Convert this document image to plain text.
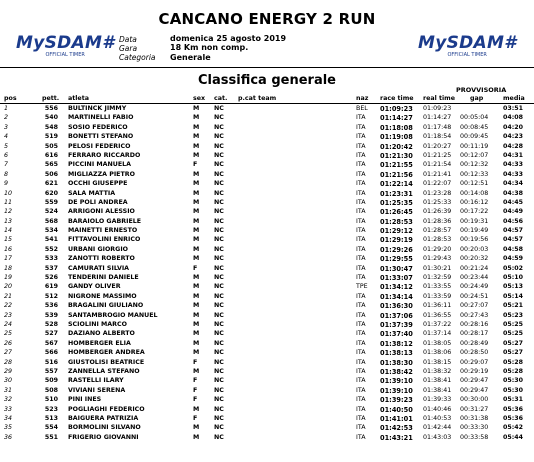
CANCANO ENERGY 2 RUN
MySDAM#
OFFICIAL TIMER
MySDAM#
OFFICIAL TIMER
Data
Gara
Categoria
domenica 25 agosto 2019
18 Km non comp.
Generale
Classifica generale
PROVVISORIA
pos	pett. atleta	sex cat. p.cat team	naz race time real time gap	media
1	556 BULTINCK JIMMY	M NC	BEL 01:09:23 01:09:23	03:51
2	540 MARTINELLI FABIO	M NC	ITA 01:14:27 01:14:27 00:05:04 04:08
3	548 SOSIO FEDERICO	M NC	ITA 01:18:08 01:17:48 00:08:45 04:20
4	519 BONETTI STEFANO	M NC	ITA 01:19:08 01:18:54 00:09:45 04:23
5	505 PELOSI FEDERICO	M NC	ITA 01:20:42 01:20:27 00:11:19 04:28
6	616 FERRARO RICCARDO	M NC	ITA 01:21:30 01:21:25 00:12:07 04:31
7	565 PICCINI MANUELA	F	NC	ITA 01:21:55 01:21:54 00:12:32 04:33
8	506 MIGLIAZZA PIETRO	M NC	ITA 01:21:56 01:21:41 00:12:33 04:33
9	621 OCCHI GIUSEPPE	M NC	ITA 01:22:14 01:22:07 00:12:51 04:34
10	620 SALA MATTIA	M NC	ITA 01:23:31 01:23:28 00:14:08 04:38
11	559 DE POLI ANDREA	M NC	ITA 01:25:35 01:25:33 00:16:12 04:45
12	524 ARRIGONI ALESSIO	M NC	ITA 01:26:45 01:26:39 00:17:22 04:49
13	568 BARAIOLO GABRIELE	M NC	ITA 01:28:53 01:28:36 00:19:31 04:56
14	534 MAINETTI ERNESTO	M NC	ITA 01:29:12 01:28:57 00:19:49 04:57
15	541 FITTAVOLINI ENRICO	M NC	ITA 01:29:19 01:28:53 00:19:56 04:57
16	552 URBANI GIORGIO	M NC	ITA 01:29:26 01:29:20 00:20:03 04:58
17	533 ZANOTTI ROBERTO	M NC	ITA 01:29:55 01:29:43 00:20:32 04:59
18	537 CAMURATI SILVIA	F	NC	ITA 01:30:47 01:30:21 00:21:24 05:02
19	526 TENDERINI DANIELE	M NC	ITA 01:33:07 01:32:59 00:23:44 05:10
20	619 GANDY OLIVER	M NC	TPE 01:34:12 01:33:55 00:24:49 05:13
21	512 NIGRONE MASSIMO	M NC	ITA 01:34:14 01:33:59 00:24:51 05:14
22	536 BRAGALINI GIULIANO	M NC	ITA 01:36:30 01:36:11 00:27:07 05:21
23	539 SANTAMBROGIO MANUEL	M NC	ITA 01:37:06 01:36:55 00:27:43 05:23
24	528 SCIOLINI MARCO	M NC	ITA 01:37:39 01:37:22 00:28:16 05:25
25	527 DAZIANO ALBERTO	M NC	ITA 01:37:40 01:37:14 00:28:17 05:25
26	567 HOMBERGER ELIA	M NC	ITA 01:38:12 01:38:05 00:28:49 05:27
27	566 HOMBERGER ANDREA	M NC	ITA 01:38:13 01:38:06 00:28:50 05:27
28	516 GIUSTOLISI BEATRICE	F	NC	ITA 01:38:30 01:38:15 00:29:07 05:28
29	557 ZANNELLA STEFANO	M NC	ITA 01:38:42 01:38:32 00:29:19 05:28
30	509 RASTELLI ILARY	F	NC	ITA 01:39:10 01:38:41 00:29:47 05:30
31	508 VIVIANI SERENA	F	NC	ITA 01:39:10 01:38:41 00:29:47 05:30
32	510 PINI INES	F	NC	ITA 01:39:23 01:39:33 00:30:00 05:31
33	523 POGLIAGHI FEDERICO	M NC	ITA 01:40:50 01:40:46 00:31:27 05:36
34	513 BAIGUERA PATRIZIA	F	NC	ITA 01:41:01 01:40:53 00:31:38 05:36
35	554 BORMOLINI SILVANO	M NC	ITA 01:42:53 01:42:44 00:33:30 05:42
36	551 FRIGERIO GIOVANNI	M NC	ITA 01:43:21 01:43:03 00:33:58 05:44
